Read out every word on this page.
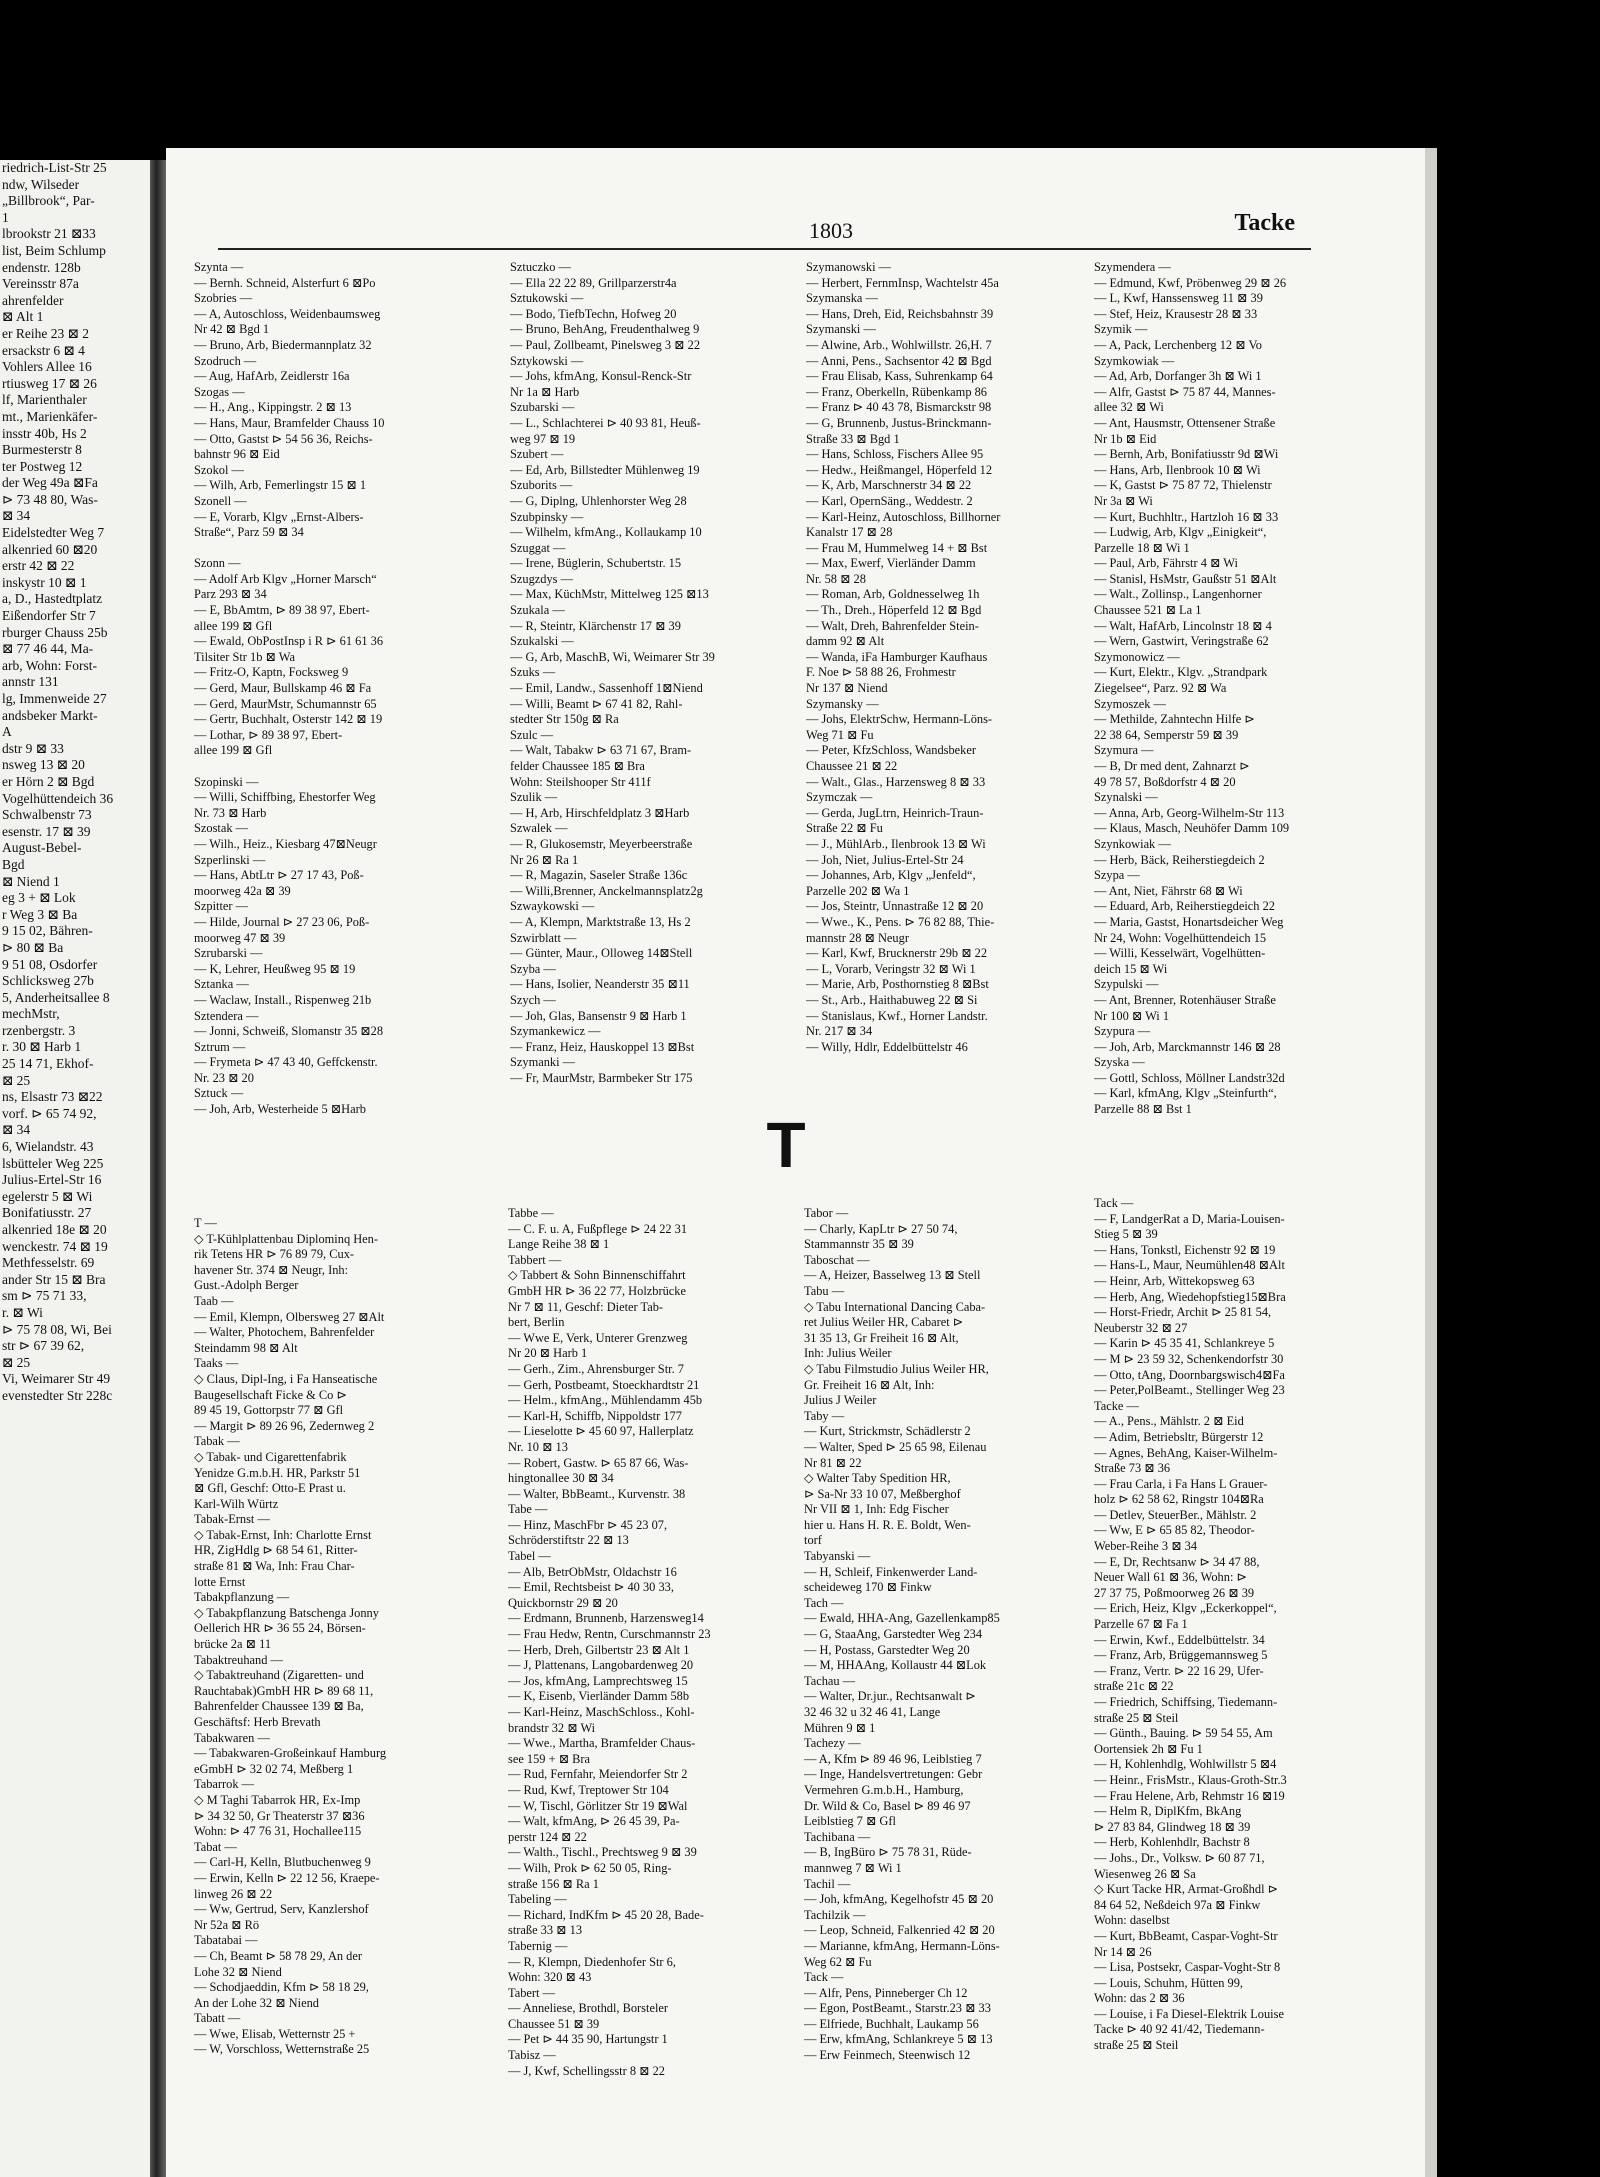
riedrich-List-Str 25
ndw, Wilseder
„Billbrook“, Par-
1
lbrookstr 21 ⊠33
list, Beim Schlump
endenstr. 128b
Vereinsstr 87a
ahrenfelder
⊠ Alt 1
er Reihe 23 ⊠ 2
ersackstr 6 ⊠ 4
Vohlers Allee 16
rtiusweg 17 ⊠ 26
lf, Marienthaler
mt., Marienkäfer-
insstr 40b, Hs 2
Burmesterstr 8
ter Postweg 12
der Weg 49a ⊠Fa
⊳ 73 48 80, Was-
⊠ 34
Eidelstedter Weg 7
alkenried 60 ⊠20
erstr 42 ⊠ 22
inskystr 10 ⊠ 1
a, D., Hastedtplatz
Eißendorfer Str 7
rburger Chauss 25b
⊠ 77 46 44, Ma-
arb, Wohn: Forst-
annstr 131
lg, Immenweide 27
andsbeker Markt-
A
dstr 9 ⊠ 33
nsweg 13 ⊠ 20
er Hörn 2 ⊠ Bgd
Vogelhüttendeich 36
Schwalbenstr 73
esenstr. 17 ⊠ 39
August-Bebel-
Bgd
⊠ Niend 1
eg 3 + ⊠ Lok
r Weg 3 ⊠ Ba
9 15 02, Bähren-
⊳ 80 ⊠ Ba
9 51 08, Osdorfer
Schlicksweg 27b
5, Anderheitsallee 8
mechMstr,
rzenbergstr. 3
r. 30 ⊠ Harb 1
25 14 71, Ekhof-
⊠ 25
ns, Elsastr 73 ⊠22
vorf. ⊳ 65 74 92,
⊠ 34
6, Wielandstr. 43
lsbütteler Weg 225
Julius-Ertel-Str 16
egelerstr 5 ⊠ Wi
Bonifatiusstr. 27
alkenried 18e ⊠ 20
wenckestr. 74 ⊠ 19
Methfesselstr. 69
ander Str 15 ⊠ Bra
sm ⊳ 75 71 33,
r. ⊠ Wi
⊳ 75 78 08, Wi, Bei
str ⊳ 67 39 62,
⊠ 25
Vi, Weimarer Str 49
evenstedter Str 228c
1803	Tacke
Szynta —
— Bernh. Schneid, Alsterfurt 6 ⊠Po
Szobries —
— A, Autoschloss, Weidenbaumsweg
Nr 42 ⊠ Bgd 1
— Bruno, Arb, Biedermannplatz 32
Szodruch —
— Aug, HafArb, Zeidlerstr 16a
Szogas —
— H., Ang., Kippingstr. 2 ⊠ 13
— Hans, Maur, Bramfelder Chauss 10
— Otto, Gastst ⊳ 54 56 36, Reichs-
bahnstr 96 ⊠ Eid
Szokol —
— Wilh, Arb, Femerlingstr 15 ⊠ 1
Szonell —
— E, Vorarb, Klgv „Ernst-Albers-
Straße“, Parz 59 ⊠ 34
Szonn —
— Adolf Arb Klgv „Horner Marsch“
Parz 293 ⊠ 34
— E, BbAmtm, ⊳ 89 38 97, Ebert-
allee 199 ⊠ Gfl
— Ewald, ObPostInsp i R ⊳ 61 61 36
Tilsiter Str 1b ⊠ Wa
— Fritz-O, Kaptn, Focksweg 9
— Gerd, Maur, Bullskamp 46 ⊠ Fa
— Gerd, MaurMstr, Schumannstr 65
— Gertr, Buchhalt, Osterstr 142 ⊠ 19
— Lothar, ⊳ 89 38 97, Ebert-
allee 199 ⊠ Gfl
Szopinski —
— Willi, Schiffbing, Ehestorfer Weg
Nr. 73 ⊠ Harb
Szostak —
— Wilh., Heiz., Kiesbarg 47⊠Neugr
Szperlinski —
— Hans, AbtLtr ⊳ 27 17 43, Poß-
moorweg 42a ⊠ 39
Szpitter —
— Hilde, Journal ⊳ 27 23 06, Poß-
moorweg 47 ⊠ 39
Szrubarski —
— K, Lehrer, Heußweg 95 ⊠ 19
Sztanka —
— Waclaw, Install., Rispenweg 21b
Sztendera —
— Jonni, Schweiß, Slomanstr 35 ⊠28
Sztrum —
— Frymeta ⊳ 47 43 40, Geffckenstr.
Nr. 23 ⊠ 20
Sztuck —
— Joh, Arb, Westerheide 5 ⊠Harb
Sztuczko —
— Ella 22 22 89, Grillparzerstr4a
Sztukowski —
— Bodo, TiefbTechn, Hofweg 20
— Bruno, BehAng, Freudenthalweg 9
— Paul, Zollbeamt, Pinelsweg 3 ⊠ 22
Sztykowski —
— Johs, kfmAng, Konsul-Renck-Str
Nr 1a ⊠ Harb
Szubarski —
— L., Schlachterei ⊳ 40 93 81, Heuß-
weg 97 ⊠ 19
Szubert —
— Ed, Arb, Billstedter Mühlenweg 19
Szuborits —
— G, Diplng, Uhlenhorster Weg 28
Szubpinsky —
— Wilhelm, kfmAng., Kollaukamp 10
Szuggat —
— Irene, Büglerin, Schubertstr. 15
Szugzdys —
— Max, KüchMstr, Mittelweg 125 ⊠13
Szukala —
— R, Steintr, Klärchenstr 17 ⊠ 39
Szukalski —
— G, Arb, MaschB, Wi, Weimarer Str 39
Szuks —
— Emil, Landw., Sassenhoff 1⊠Niend
— Willi, Beamt ⊳ 67 41 82, Rahl-
stedter Str 150g ⊠ Ra
Szulc —
— Walt, Tabakw ⊳ 63 71 67, Bram-
felder Chaussee 185 ⊠ Bra
Wohn: Steilshooper Str 411f
Szulik —
— H, Arb, Hirschfeldplatz 3 ⊠Harb
Szwalek —
— R, Glukosemstr, Meyerbeerstraße
Nr 26 ⊠ Ra 1
— R, Magazin, Saseler Straße 136c
— Willi,Brenner, Anckelmannsplatz2g
Szwaykowski —
— A, Klempn, Marktstraße 13, Hs 2
Szwirblatt —
— Günter, Maur., Olloweg 14⊠Stell
Szyba —
— Hans, Isolier, Neanderstr 35 ⊠11
Szych —
— Joh, Glas, Bansenstr 9 ⊠ Harb 1
Szymankewicz —
— Franz, Heiz, Hauskoppel 13 ⊠Bst
Szymanki —
— Fr, MaurMstr, Barmbeker Str 175
Szymanowski —
— Herbert, FernmInsp, Wachtelstr 45a
Szymanska —
— Hans, Dreh, Eid, Reichsbahnstr 39
Szymanski —
— Alwine, Arb., Wohlwillstr. 26,H. 7
— Anni, Pens., Sachsentor 42 ⊠ Bgd
— Frau Elisab, Kass, Suhrenkamp 64
— Franz, Oberkelln, Rübenkamp 86
— Franz ⊳ 40 43 78, Bismarckstr 98
— G, Brunnenb, Justus-Brinckmann-
Straße 33 ⊠ Bgd 1
— Hans, Schloss, Fischers Allee 95
— Hedw., Heißmangel, Höperfeld 12
— K, Arb, Marschnerstr 34 ⊠ 22
— Karl, OpernSäng., Weddestr. 2
— Karl-Heinz, Autoschloss, Billhorner
Kanalstr 17 ⊠ 28
— Frau M, Hummelweg 14 + ⊠ Bst
— Max, Ewerf, Vierländer Damm
Nr. 58 ⊠ 28
— Roman, Arb, Goldnesselweg 1h
— Th., Dreh., Höperfeld 12 ⊠ Bgd
— Walt, Dreh, Bahrenfelder Stein-
damm 92 ⊠ Alt
— Wanda, iFa Hamburger Kaufhaus
F. Noe ⊳ 58 88 26, Frohmestr
Nr 137 ⊠ Niend
Szymansky —
— Johs, ElektrSchw, Hermann-Löns-
Weg 71 ⊠ Fu
— Peter, KfzSchloss, Wandsbeker
Chaussee 21 ⊠ 22
— Walt., Glas., Harzensweg 8 ⊠ 33
Szymczak —
— Gerda, JugLtrn, Heinrich-Traun-
Straße 22 ⊠ Fu
— J., MühlArb., Ilenbrook 13 ⊠ Wi
— Joh, Niet, Julius-Ertel-Str 24
— Johannes, Arb, Klgv „Jenfeld“,
Parzelle 202 ⊠ Wa 1
— Jos, Steintr, Unnastraße 12 ⊠ 20
— Wwe., K., Pens. ⊳ 76 82 88, Thie-
mannstr 28 ⊠ Neugr
— Karl, Kwf, Brucknerstr 29b ⊠ 22
— L, Vorarb, Veringstr 32 ⊠ Wi 1
— Marie, Arb, Posthornstieg 8 ⊠Bst
— St., Arb., Haithabuweg 22 ⊠ Si
— Stanislaus, Kwf., Horner Landstr.
Nr. 217 ⊠ 34
— Willy, Hdlr, Eddelbüttelstr 46
Szymendera —
— Edmund, Kwf, Pröbenweg 29 ⊠ 26
— L, Kwf, Hanssensweg 11 ⊠ 39
— Stef, Heiz, Krausestr 28 ⊠ 33
Szymik —
— A, Pack, Lerchenberg 12 ⊠ Vo
Szymkowiak —
— Ad, Arb, Dorfanger 3h ⊠ Wi 1
— Alfr, Gastst ⊳ 75 87 44, Mannes-
allee 32 ⊠ Wi
— Ant, Hausmstr, Ottensener Straße
Nr 1b ⊠ Eid
— Bernh, Arb, Bonifatiusstr 9d ⊠Wi
— Hans, Arb, Ilenbrook 10 ⊠ Wi
— K, Gastst ⊳ 75 87 72, Thielenstr
Nr 3a ⊠ Wi
— Kurt, Buchhltr., Hartzloh 16 ⊠ 33
— Ludwig, Arb, Klgv „Einigkeit“,
Parzelle 18 ⊠ Wi 1
— Paul, Arb, Fährstr 4 ⊠ Wi
— Stanisl, HsMstr, Gaußstr 51 ⊠Alt
— Walt., Zollinsp., Langenhorner
Chaussee 521 ⊠ La 1
— Walt, HafArb, Lincolnstr 18 ⊠ 4
— Wern, Gastwirt, Veringstraße 62
Szymonowicz —
— Kurt, Elektr., Klgv. „Strandpark
Ziegelsee“, Parz. 92 ⊠ Wa
Szymoszek —
— Methilde, Zahntechn Hilfe ⊳
22 38 64, Semperstr 59 ⊠ 39
Szymura —
— B, Dr med dent, Zahnarzt ⊳
49 78 57, Boßdorfstr 4 ⊠ 20
Szynalski —
— Anna, Arb, Georg-Wilhelm-Str 113
— Klaus, Masch, Neuhöfer Damm 109
Szynkowiak —
— Herb, Bäck, Reiherstiegdeich 2
Szypa —
— Ant, Niet, Fährstr 68 ⊠ Wi
— Eduard, Arb, Reiherstiegdeich 22
— Maria, Gastst, Honartsdeicher Weg
Nr 24, Wohn: Vogelhüttendeich 15
— Willi, Kesselwärt, Vogelhütten-
deich 15 ⊠ Wi
Szypulski —
— Ant, Brenner, Rotenhäuser Straße
Nr 100 ⊠ Wi 1
Szypura —
— Joh, Arb, Marckmannstr 146 ⊠ 28
Szyska —
— Gottl, Schloss, Möllner Landstr32d
— Karl, kfmAng, Klgv „Steinfurth“,
Parzelle 88 ⊠ Bst 1
T
T —
◇ T-Kühlplattenbau Diplominq Hen-
rik Tetens HR ⊳ 76 89 79, Cux-
havener Str. 374 ⊠ Neugr, Inh:
Gust.-Adolph Berger
Taab —
— Emil, Klempn, Olbersweg 27 ⊠Alt
— Walter, Photochem, Bahrenfelder
Steindamm 98 ⊠ Alt
Taaks —
◇ Claus, Dipl-Ing, i Fa Hanseatische
Baugesellschaft Ficke & Co ⊳
89 45 19, Gottorpstr 77 ⊠ Gfl
— Margit ⊳ 89 26 96, Zedernweg 2
Tabak —
◇ Tabak- und Cigarettenfabrik
Yenidze G.m.b.H. HR, Parkstr 51
⊠ Gfl, Geschf: Otto-E Prast u.
Karl-Wilh Würtz
Tabak-Ernst —
◇ Tabak-Ernst, Inh: Charlotte Ernst
HR, ZigHdlg ⊳ 68 54 61, Ritter-
straße 81 ⊠ Wa, Inh: Frau Char-
lotte Ernst
Tabakpflanzung —
◇ Tabakpflanzung Batschenga Jonny
Oellerich HR ⊳ 36 55 24, Börsen-
brücke 2a ⊠ 11
Tabaktreuhand —
◇ Tabaktreuhand (Zigaretten- und
Rauchtabak)GmbH HR ⊳ 89 68 11,
Bahrenfelder Chaussee 139 ⊠ Ba,
Geschäftsf: Herb Brevath
Tabakwaren —
— Tabakwaren-Großeinkauf Hamburg
eGmbH ⊳ 32 02 74, Meßberg 1
Tabarrok —
◇ M Taghi Tabarrok HR, Ex-Imp
⊳ 34 32 50, Gr Theaterstr 37 ⊠36
Wohn: ⊳ 47 76 31, Hochallee115
Tabat —
— Carl-H, Kelln, Blutbuchenweg 9
— Erwin, Kelln ⊳ 22 12 56, Kraepe-
linweg 26 ⊠ 22
— Ww, Gertrud, Serv, Kanzlershof
Nr 52a ⊠ Rö
Tabatabai —
— Ch, Beamt ⊳ 58 78 29, An der
Lohe 32 ⊠ Niend
— Schodjaeddin, Kfm ⊳ 58 18 29,
An der Lohe 32 ⊠ Niend
Tabatt —
— Wwe, Elisab, Wetternstr 25 +
— W, Vorschloss, Wetternstraße 25
Tabbe —
— C. F. u. A, Fußpflege ⊳ 24 22 31
Lange Reihe 38 ⊠ 1
Tabbert —
◇ Tabbert & Sohn Binnenschiffahrt
GmbH HR ⊳ 36 22 77, Holzbrücke
Nr 7 ⊠ 11, Geschf: Dieter Tab-
bert, Berlin
— Wwe E, Verk, Unterer Grenzweg
Nr 20 ⊠ Harb 1
— Gerh., Zim., Ahrensburger Str. 7
— Gerh, Postbeamt, Stoeckhardtstr 21
— Helm., kfmAng., Mühlendamm 45b
— Karl-H, Schiffb, Nippoldstr 177
— Lieselotte ⊳ 45 60 97, Hallerplatz
Nr. 10 ⊠ 13
— Robert, Gastw. ⊳ 65 87 66, Was-
hingtonallee 30 ⊠ 34
— Walter, BbBeamt., Kurvenstr. 38
Tabe —
— Hinz, MaschFbr ⊳ 45 23 07,
Schröderstiftstr 22 ⊠ 13
Tabel —
— Alb, BetrObMstr, Oldachstr 16
— Emil, Rechtsbeist ⊳ 40 30 33,
Quickbornstr 29 ⊠ 20
— Erdmann, Brunnenb, Harzensweg14
— Frau Hedw, Rentn, Curschmannstr 23
— Herb, Dreh, Gilbertstr 23 ⊠ Alt 1
— J, Plattenans, Langobardenweg 20
— Jos, kfmAng, Lamprechtsweg 15
— K, Eisenb, Vierländer Damm 58b
— Karl-Heinz, MaschSchloss., Kohl-
brandstr 32 ⊠ Wi
— Wwe., Martha, Bramfelder Chaus-
see 159 + ⊠ Bra
— Rud, Fernfahr, Meiendorfer Str 2
— Rud, Kwf, Treptower Str 104
— W, Tischl, Görlitzer Str 19 ⊠Wal
— Walt, kfmAng, ⊳ 26 45 39, Pa-
perstr 124 ⊠ 22
— Walth., Tischl., Prechtsweg 9 ⊠ 39
— Wilh, Prok ⊳ 62 50 05, Ring-
straße 156 ⊠ Ra 1
Tabeling —
— Richard, IndKfm ⊳ 45 20 28, Bade-
straße 33 ⊠ 13
Tabernig —
— R, Klempn, Diedenhofer Str 6,
Wohn: 320 ⊠ 43
Tabert —
— Anneliese, Brothdl, Borsteler
Chaussee 51 ⊠ 39
— Pet ⊳ 44 35 90, Hartungstr 1
Tabisz —
— J, Kwf, Schellingsstr 8 ⊠ 22
Tabor —
— Charly, KapLtr ⊳ 27 50 74,
Stammannstr 35 ⊠ 39
Taboschat —
— A, Heizer, Basselweg 13 ⊠ Stell
Tabu —
◇ Tabu International Dancing Caba-
ret Julius Weiler HR, Cabaret ⊳
31 35 13, Gr Freiheit 16 ⊠ Alt,
Inh: Julius Weiler
◇ Tabu Filmstudio Julius Weiler HR,
Gr. Freiheit 16 ⊠ Alt, Inh:
Julius J Weiler
Taby —
— Kurt, Strickmstr, Schädlerstr 2
— Walter, Sped ⊳ 25 65 98, Eilenau
Nr 81 ⊠ 22
◇ Walter Taby Spedition HR,
⊳ Sa-Nr 33 10 07, Meßberghof
Nr VII ⊠ 1, Inh: Edg Fischer
hier u. Hans H. R. E. Boldt, Wen-
torf
Tabyanski —
— H, Schleif, Finkenwerder Land-
scheideweg 170 ⊠ Finkw
Tach —
— Ewald, HHA-Ang, Gazellenkamp85
— G, StaaAng, Garstedter Weg 234
— H, Postass, Garstedter Weg 20
— M, HHAAng, Kollaustr 44 ⊠Lok
Tachau —
— Walter, Dr.jur., Rechtsanwalt ⊳
32 46 32 u 32 46 41, Lange
Mühren 9 ⊠ 1
Tachezy —
— A, Kfm ⊳ 89 46 96, Leiblstieg 7
— Inge, Handelsvertretungen: Gebr
Vermehren G.m.b.H., Hamburg,
Dr. Wild & Co, Basel ⊳ 89 46 97
Leiblstieg 7 ⊠ Gfl
Tachibana —
— B, IngBüro ⊳ 75 78 31, Rüde-
mannweg 7 ⊠ Wi 1
Tachil —
— Joh, kfmAng, Kegelhofstr 45 ⊠ 20
Tachilzik —
— Leop, Schneid, Falkenried 42 ⊠ 20
— Marianne, kfmAng, Hermann-Löns-
Weg 62 ⊠ Fu
Tack —
— Alfr, Pens, Pinneberger Ch 12
— Egon, PostBeamt., Starstr.23 ⊠ 33
— Elfriede, Buchhalt, Laukamp 56
— Erw, kfmAng, Schlankreye 5 ⊠ 13
— Erw Feinmech, Steenwisch 12
Tack —
— F, LandgerRat a D, Maria-Louisen-
Stieg 5 ⊠ 39
— Hans, Tonkstl, Eichenstr 92 ⊠ 19
— Hans-L, Maur, Neumühlen48 ⊠Alt
— Heinr, Arb, Wittekopsweg 63
— Herb, Ang, Wiedehopfstieg15⊠Bra
— Horst-Friedr, Archit ⊳ 25 81 54,
Neuberstr 32 ⊠ 27
— Karin ⊳ 45 35 41, Schlankreye 5
— M ⊳ 23 59 32, Schenkendorfstr 30
— Otto, tAng, Doornbargswisch4⊠Fa
— Peter,PolBeamt., Stellinger Weg 23
Tacke —
— A., Pens., Mählstr. 2 ⊠ Eid
— Adim, Betriebsltr, Bürgerstr 12
— Agnes, BehAng, Kaiser-Wilhelm-
Straße 73 ⊠ 36
— Frau Carla, i Fa Hans L Grauer-
holz ⊳ 62 58 62, Ringstr 104⊠Ra
— Detlev, SteuerBer., Mählstr. 2
— Ww, E ⊳ 65 85 82, Theodor-
Weber-Reihe 3 ⊠ 34
— E, Dr, Rechtsanw ⊳ 34 47 88,
Neuer Wall 61 ⊠ 36, Wohn: ⊳
27 37 75, Poßmoorweg 26 ⊠ 39
— Erich, Heiz, Klgv „Eckerkoppel“,
Parzelle 67 ⊠ Fa 1
— Erwin, Kwf., Eddelbüttelstr. 34
— Franz, Arb, Brüggemannsweg 5
— Franz, Vertr. ⊳ 22 16 29, Ufer-
straße 21c ⊠ 22
— Friedrich, Schiffsing, Tiedemann-
straße 25 ⊠ Steil
— Günth., Bauing. ⊳ 59 54 55, Am
Oortensiek 2h ⊠ Fu 1
— H, Kohlenhdlg, Wohlwillstr 5 ⊠4
— Heinr., FrisMstr., Klaus-Groth-Str.3
— Frau Helene, Arb, Rehmstr 16 ⊠19
— Helm R, DiplKfm, BkAng
⊳ 27 83 84, Glindweg 18 ⊠ 39
— Herb, Kohlenhdlr, Bachstr 8
— Johs., Dr., Volksw. ⊳ 60 87 71,
Wiesenweg 26 ⊠ Sa
◇ Kurt Tacke HR, Armat-Großhdl ⊳
84 64 52, Neßdeich 97a ⊠ Finkw
Wohn: daselbst
— Kurt, BbBeamt, Caspar-Voght-Str
Nr 14 ⊠ 26
— Lisa, Postsekr, Caspar-Voght-Str 8
— Louis, Schuhm, Hütten 99,
Wohn: das 2 ⊠ 36
— Louise, i Fa Diesel-Elektrik Louise
Tacke ⊳ 40 92 41/42, Tiedemann-
straße 25 ⊠ Steil
